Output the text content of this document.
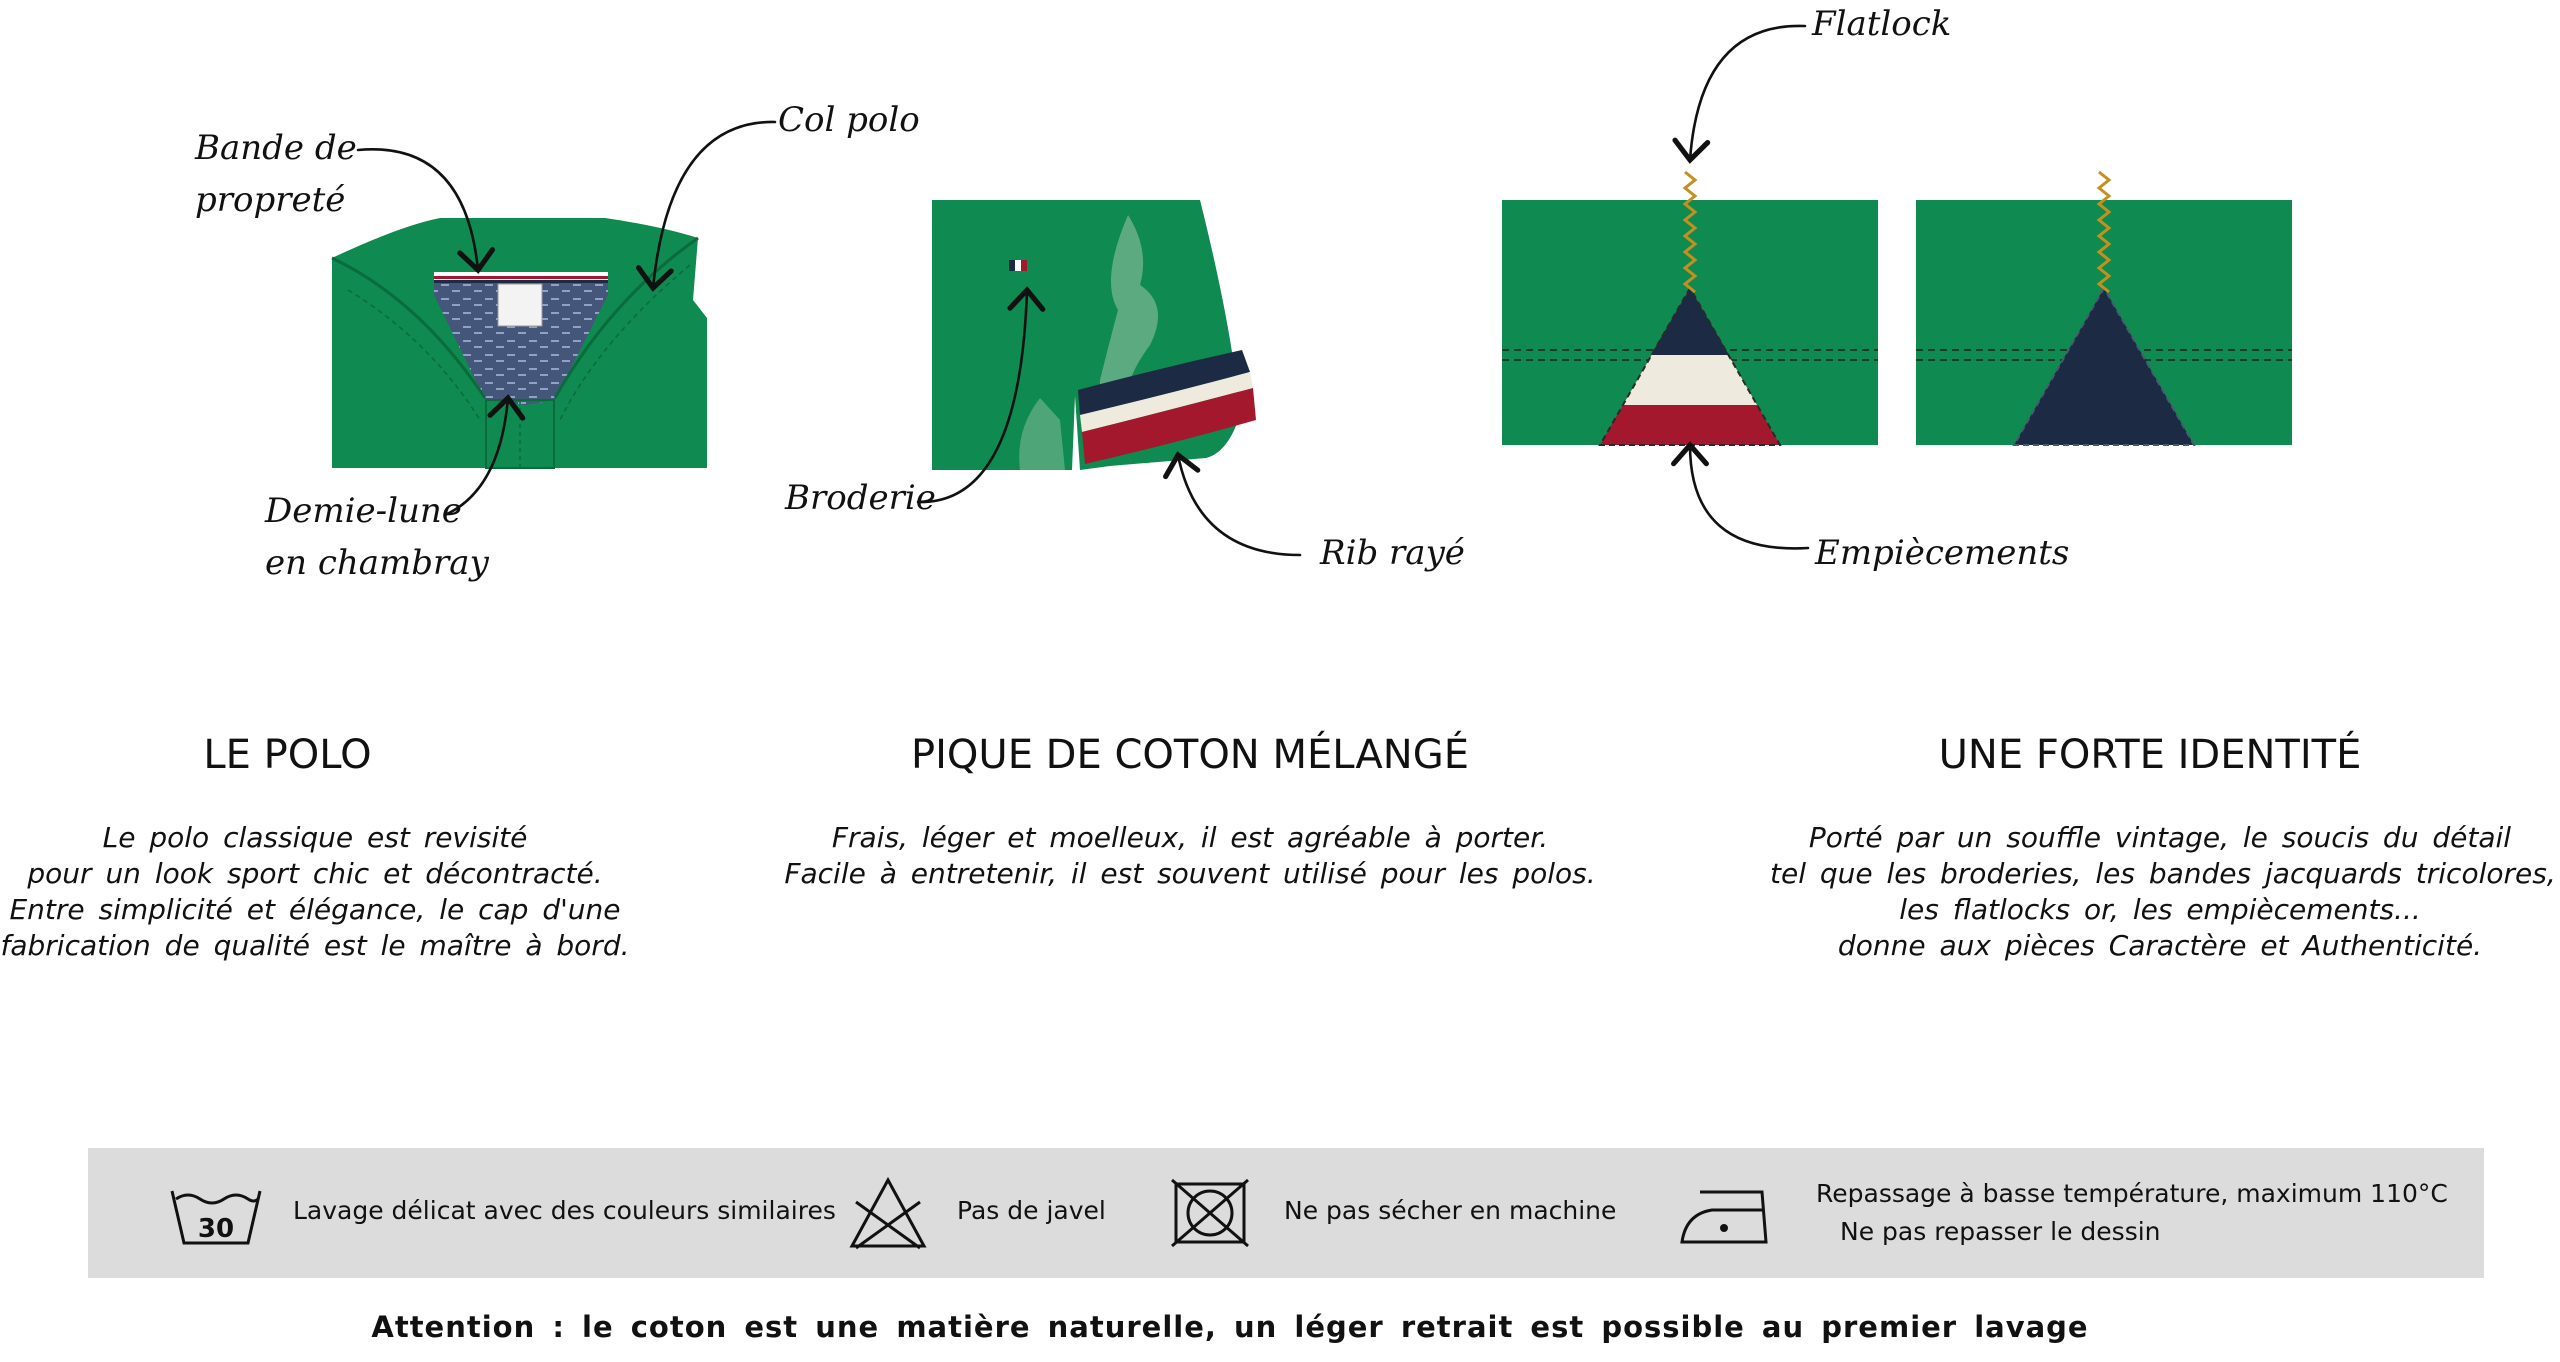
Bande de
propreté
Col polo
Demie-lune
en chambray
Broderie
Rib rayé
Flatlock
Empiècements
LE POLO
Le polo classique est revisité
pour un look sport chic et décontracté.
Entre simplicité et élégance, le cap d'une
fabrication de qualité est le maître à bord.
PIQUE DE COTON MÉLANGÉ
Frais, léger et moelleux, il est agréable à porter.
Facile à entretenir, il est souvent utilisé pour les polos.
UNE FORTE IDENTITÉ
Porté par un souffle vintage, le soucis du détail
tel que les broderies, les bandes jacquards tricolores,
les flatlocks or, les empiècements...
donne aux pièces Caractère et Authenticité.
30
Lavage délicat avec des couleurs similaires	Pas de javel	Ne pas sécher en machine
Repassage à basse température, maximum 110°C
Ne pas repasser le dessin
Attention : le coton est une matière naturelle, un léger retrait est possible au premier lavage
